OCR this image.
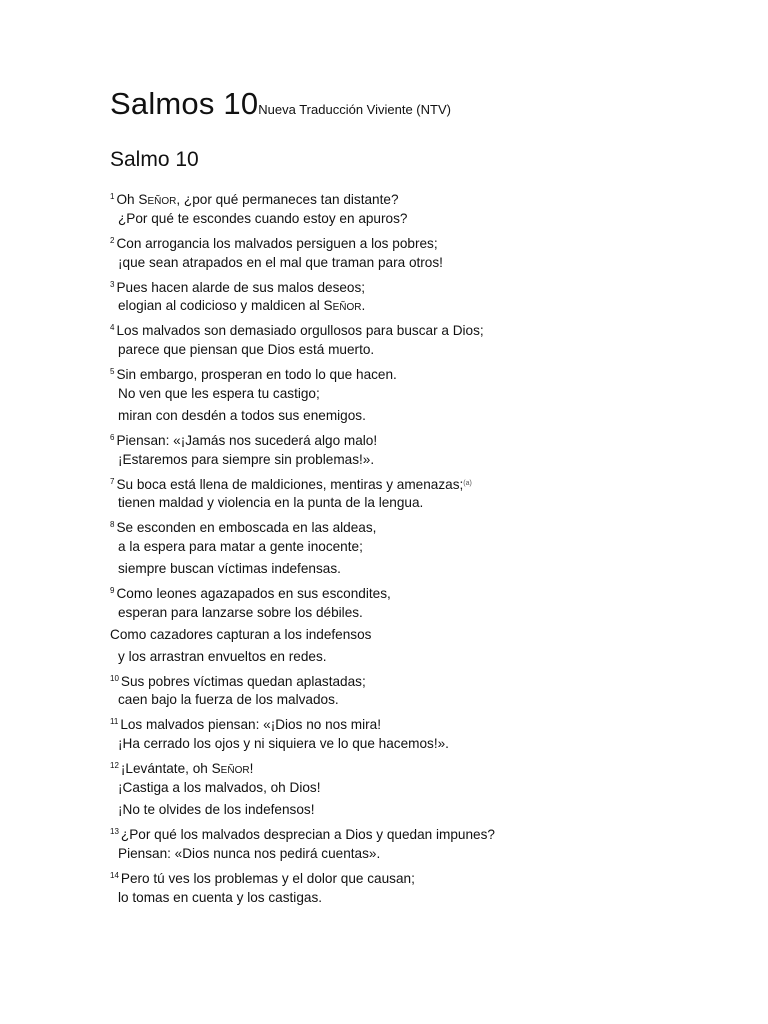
Salmos 10 Nueva Traducción Viviente (NTV)
Salmo 10
$^1$ Oh Señor, ¿por qué permaneces tan distante?
¿Por qué te escondes cuando estoy en apuros?
$^2$ Con arrogancia los malvados persiguen a los pobres;
¡que sean atrapados en el mal que traman para otros!
$^3$ Pues hacen alarde de sus malos deseos;
elogian al codicioso y maldicen al Señor.
$^4$ Los malvados son demasiado orgullosos para buscar a Dios;
parece que piensan que Dios está muerto.
$^5$ Sin embargo, prosperan en todo lo que hacen.
No ven que les espera tu castigo;
miran con desdén a todos sus enemigos.
$^6$ Piensan: «¡Jamás nos sucederá algo malo!
¡Estaremos para siempre sin problemas!».
$^7$ Su boca está llena de maldiciones, mentiras y amenazas;$^{(a)}$
tienen maldad y violencia en la punta de la lengua.
$^8$ Se esconden en emboscada en las aldeas,
a la espera para matar a gente inocente;
siempre buscan víctimas indefensas.
$^9$ Como leones agazapados en sus escondites,
esperan para lanzarse sobre los débiles.
Como cazadores capturan a los indefensos
y los arrastran envueltos en redes.
$^{10}$ Sus pobres víctimas quedan aplastadas;
caen bajo la fuerza de los malvados.
$^{11}$ Los malvados piensan: «¡Dios no nos mira!
¡Ha cerrado los ojos y ni siquiera ve lo que hacemos!».
$^{12}$ ¡Levántate, oh Señor!
¡Castiga a los malvados, oh Dios!
¡No te olvides de los indefensos!
$^{13}$ ¿Por qué los malvados desprecian a Dios y quedan impunes?
Piensan: «Dios nunca nos pedirá cuentas».
$^{14}$ Pero tú ves los problemas y el dolor que causan;
lo tomas en cuenta y los castigas.
